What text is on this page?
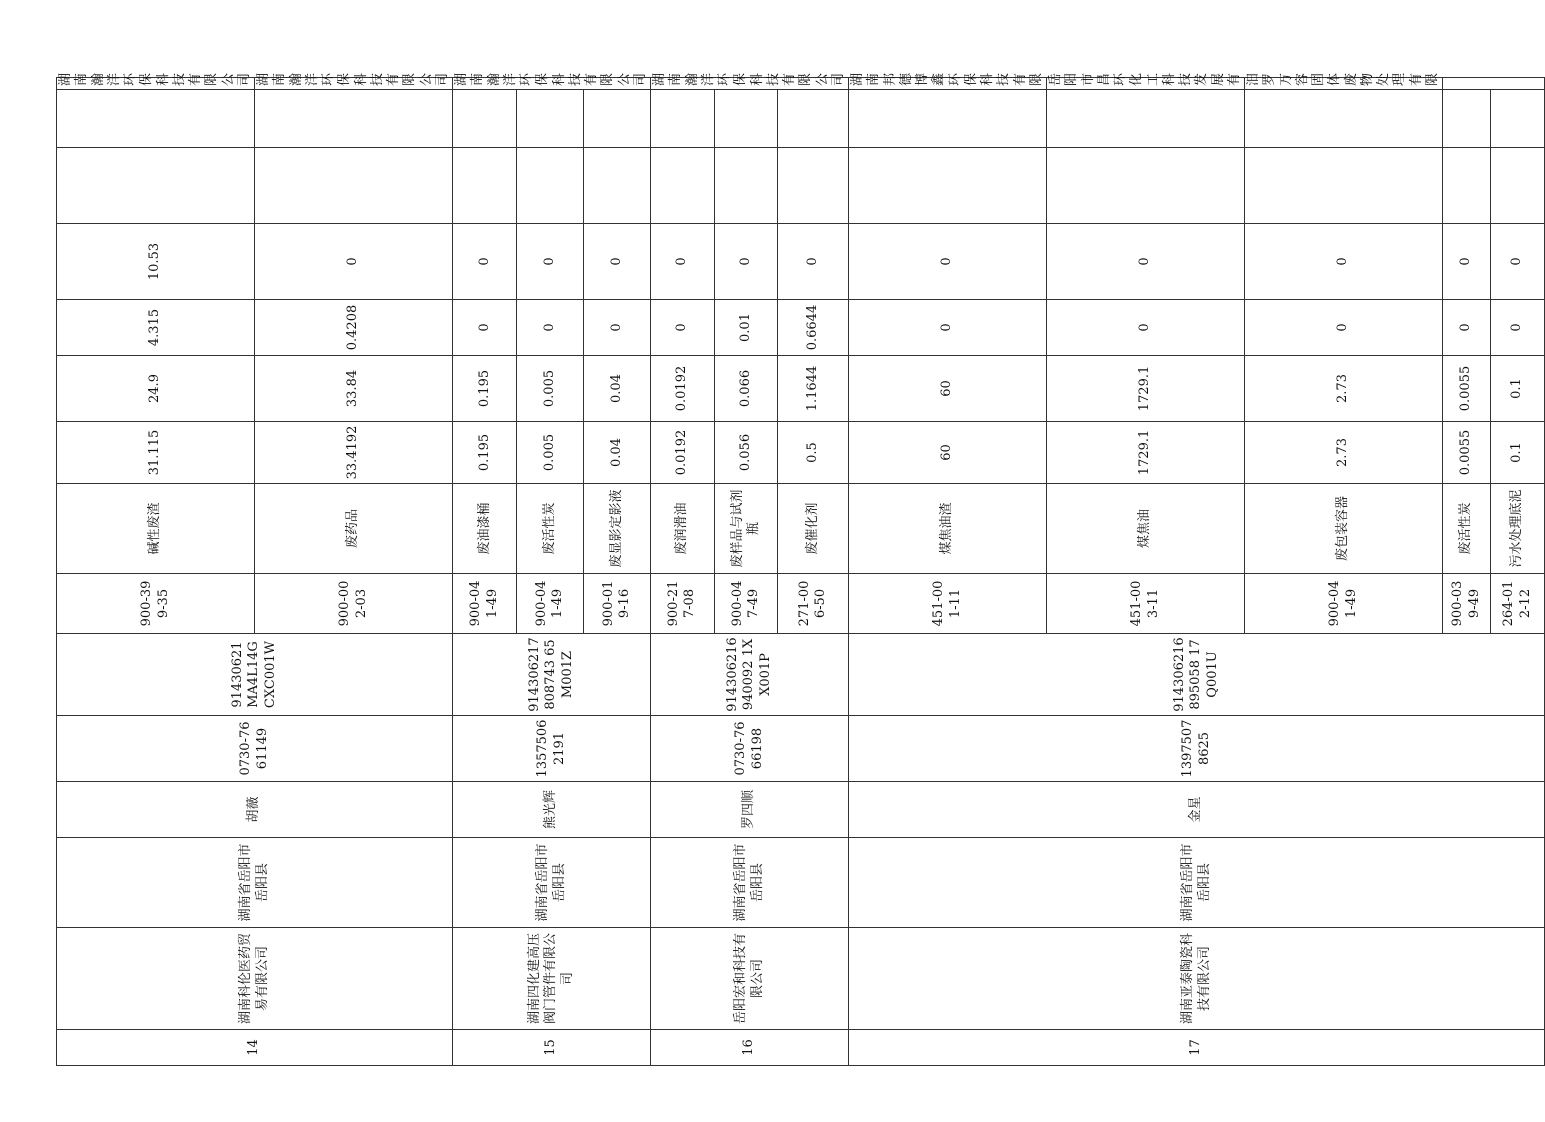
14	湖南科伦医药贸易有限公司	湖南省岳阳市岳阳县	胡薇	0730-7661149	91430621MA4L14GCXC001W	900-399-35	碱性废渣	31.115	24.9	4.315	10.53			湖南瀚洋环保科技有限公司
						900-002-03	废药品	33.4192	33.84	0.4208	0			湖南瀚洋环保科技有限公司
15	湖南四化建高压阀门管件有限公司	湖南省岳阳市岳阳县	熊光辉	13575062191	914306217808743 65M001Z	900-041-49	废油漆桶	0.195	0.195	0	0			湖南瀚洋环保科技有限公司
						900-041-49	废活性炭	0.005	0.005	0	0			
						900-019-16	废显影定影液	0.04	0.04	0	0			
16	岳阳宏和科技有限公司	湖南省岳阳市岳阳县	罗四顺	0730-7666198	914306216940092 1XX001P	900-217-08	废润滑油	0.0192	0.0192	0	0			湖南瀚洋环保科技有限公司
						900-047-49	废样品与试剂瓶	0.056	0.066	0.01	0			
						271-006-50	废催化剂	0.5	1.1644	0.6644	0			
17	湖南亚泰陶瓷科技有限公司	湖南省岳阳市岳阳县	金星	13975078625	914306216895058 17Q001U	451-001-11	煤焦油渣	60	60	0	0			湖南邦德博鑫环保科技有限
						451-003-11	煤焦油	1729.1	1729.1	0	0			岳阳市昌环化工科技发展有
						900-041-49	废包装容器	2.73	2.73	0	0			汨罗万容固体废物处理有限
						900-039-49	废活性炭	0.0055	0.0055	0	0			
						264-012-12	污水处理底泥	0.1	0.1	0	0			
